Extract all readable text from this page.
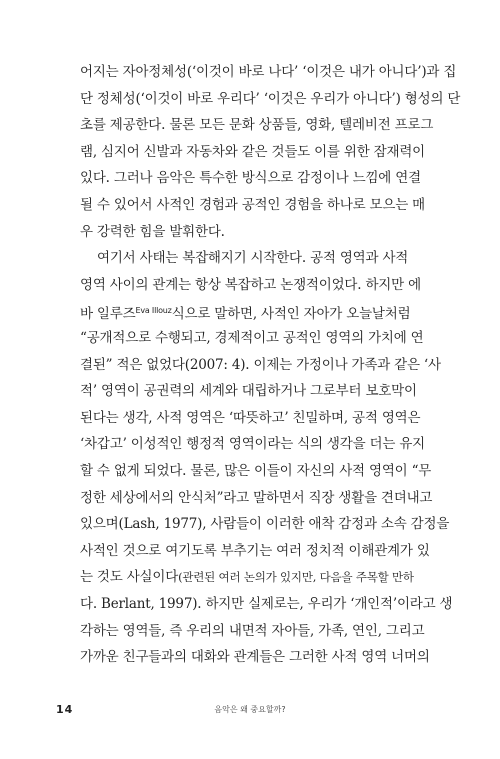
어지는 자아정체성(‘이것이 바로 나다’ ‘이것은 내가 아니다’)과 집
단 정체성(‘이것이 바로 우리다’ ‘이것은 우리가 아니다’) 형성의 단
초를 제공한다. 물론 모든 문화 상품들, 영화, 텔레비전 프로그
램, 심지어 신발과 자동차와 같은 것들도 이를 위한 잠재력이
있다. 그러나 음악은 특수한 방식으로 감정이나 느낌에 연결
될 수 있어서 사적인 경험과 공적인 경험을 하나로 모으는 매
우 강력한 힘을 발휘한다.
여기서 사태는 복잡해지기 시작한다. 공적 영역과 사적
영역 사이의 관계는 항상 복잡하고 논쟁적이었다. 하지만 에
바 일루즈$^{Eva Illouz}$식으로 말하면, 사적인 자아가 오늘날처럼
“공개적으로 수행되고, 경제적이고 공적인 영역의 가치에 연
결된” 적은 없었다(2007: 4). 이제는 가정이나 가족과 같은 ‘사
적’ 영역이 공권력의 세계와 대립하거나 그로부터 보호막이
된다는 생각, 사적 영역은 ‘따뜻하고’ 친밀하며, 공적 영역은
‘차갑고’ 이성적인 행정적 영역이라는 식의 생각을 더는 유지
할 수 없게 되었다. 물론, 많은 이들이 자신의 사적 영역이 “무
정한 세상에서의 안식처”라고 말하면서 직장 생활을 견뎌내고
있으며(Lash, 1977), 사람들이 이러한 애착 감정과 소속 감정을
사적인 것으로 여기도록 부추기는 여러 정치적 이해관계가 있
는 것도 사실이다(관련된 여러 논의가 있지만, 다음을 주목할 만하
다. Berlant, 1997). 하지만 실제로는, 우리가 ‘개인적’이라고 생
각하는 영역들, 즉 우리의 내면적 자아들, 가족, 연인, 그리고
가까운 친구들과의 대화와 관계들은 그러한 사적 영역 너머의
14	음악은 왜 중요할까?
